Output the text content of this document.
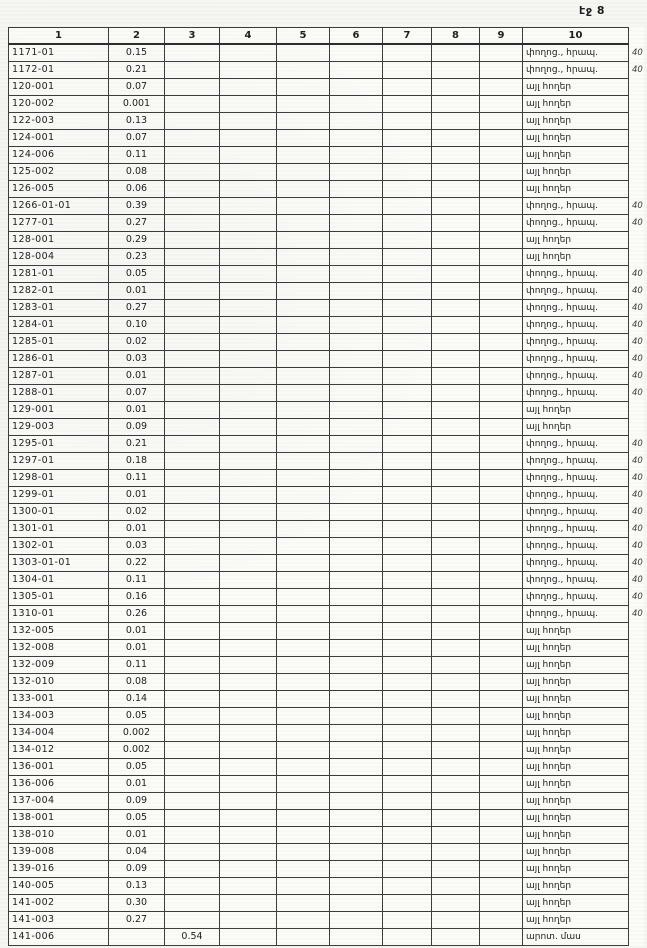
էջ 8
1	2	3	4	5	6	7	8	9	10	
1171-01	0.15								փողոց., հրապ.	40
1172-01	0.21								փողոց., հրապ.	40
120-001	0.07								այլ հողեր	
120-002	0.001								այլ հողեր	
122-003	0.13								այլ հողեր	
124-001	0.07								այլ հողեր	
124-006	0.11								այլ հողեր	
125-002	0.08								այլ հողեր	
126-005	0.06								այլ հողեր	
1266-01-01	0.39								փողոց., հրապ.	40
1277-01	0.27								փողոց., հրապ.	40
128-001	0.29								այլ հողեր	
128-004	0.23								այլ հողեր	
1281-01	0.05								փողոց., հրապ.	40
1282-01	0.01								փողոց., հրապ.	40
1283-01	0.27								փողոց., հրապ.	40
1284-01	0.10								փողոց., հրապ.	40
1285-01	0.02								փողոց., հրապ.	40
1286-01	0.03								փողոց., հրապ.	40
1287-01	0.01								փողոց., հրապ.	40
1288-01	0.07								փողոց., հրապ.	40
129-001	0.01								այլ հողեր	
129-003	0.09								այլ հողեր	
1295-01	0.21								փողոց., հրապ.	40
1297-01	0.18								փողոց., հրապ.	40
1298-01	0.11								փողոց., հրապ.	40
1299-01	0.01								փողոց., հրապ.	40
1300-01	0.02								փողոց., հրապ.	40
1301-01	0.01								փողոց., հրապ.	40
1302-01	0.03								փողոց., հրապ.	40
1303-01-01	0.22								փողոց., հրապ.	40
1304-01	0.11								փողոց., հրապ.	40
1305-01	0.16								փողոց., հրապ.	40
1310-01	0.26								փողոց., հրապ.	40
132-005	0.01								այլ հողեր	
132-008	0.01								այլ հողեր	
132-009	0.11								այլ հողեր	
132-010	0.08								այլ հողեր	
133-001	0.14								այլ հողեր	
134-003	0.05								այլ հողեր	
134-004	0.002								այլ հողեր	
134-012	0.002								այլ հողեր	
136-001	0.05								այլ հողեր	
136-006	0.01								այլ հողեր	
137-004	0.09								այլ հողեր	
138-001	0.05								այլ հողեր	
138-010	0.01								այլ հողեր	
139-008	0.04								այլ հողեր	
139-016	0.09								այլ հողեր	
140-005	0.13								այլ հողեր	
141-002	0.30								այլ հողեր	
141-003	0.27								այլ հողեր	
141-006		0.54							արոտ. մաս	
